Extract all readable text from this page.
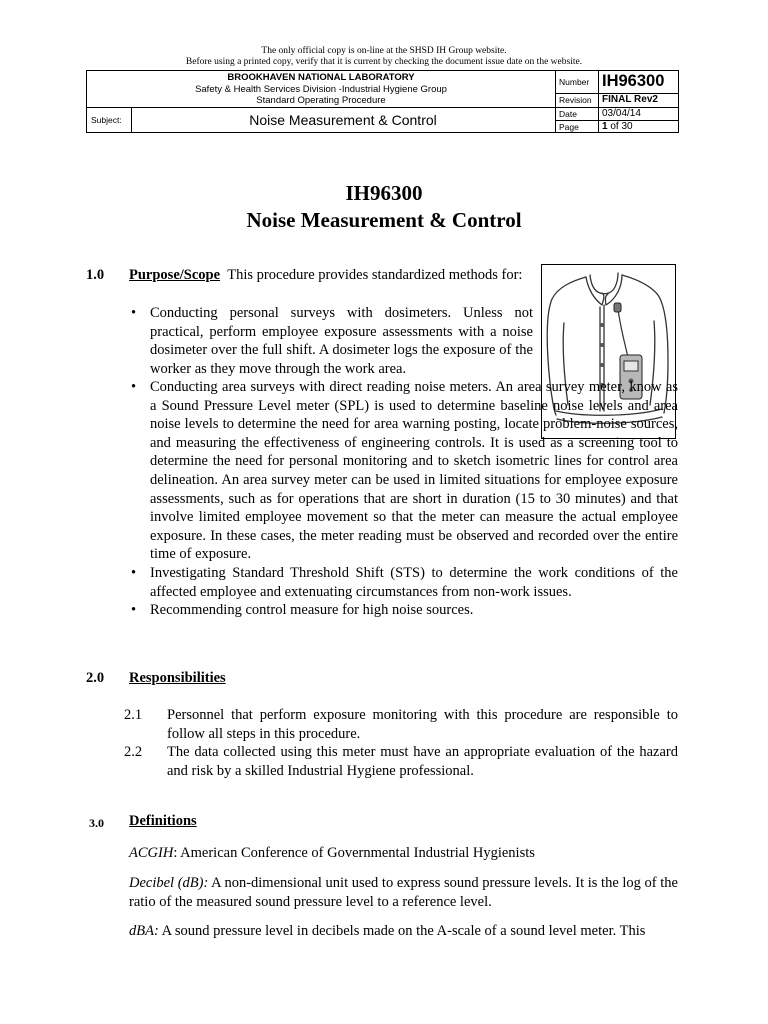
The only official copy is on-line at the SHSD IH Group website.
Before using a printed copy, verify that it is current by checking the document issue date on the website.
BROOKHAVEN NATIONAL LABORATORY
Safety & Health Services Division -Industrial Hygiene Group
Standard Operating Procedure
Subject:	Noise Measurement & Control
Number IH96300
Revision	FINAL Rev2
Date	03/04/14
Page	1 of 30
IH96300
Noise Measurement & Control
1.0 Purpose/Scope This procedure provides standardized methods for:
• Conducting personal surveys with dosimeters. Unless not practical, perform employee exposure assessments with a noise dosimeter over the full shift. A dosimeter logs the exposure of the worker as they move through the work area.
• Conducting area surveys with direct reading noise meters. An area survey meter, know as a Sound Pressure Level meter (SPL) is used to determine baseline noise levels and area noise levels to determine the need for area warning posting, locate problem-noise sources, and measuring the effectiveness of engineering controls. It is used as a screening tool to determine the need for personal monitoring and to sketch isometric lines for control area delineation. An area survey meter can be used in limited situations for employee exposure assessments, such as for operations that are short in duration (15 to 30 minutes) and that involve limited employee movement so that the meter can measure the actual employee exposure. In these cases, the meter reading must be observed and recorded over the entire time of exposure.
• Investigating Standard Threshold Shift (STS) to determine the work conditions of the affected employee and extenuating circumstances from non-work issues.
• Recommending control measure for high noise sources.
2.0 Responsibilities
2.1 Personnel that perform exposure monitoring with this procedure are responsible to follow all steps in this procedure.
2.2 The data collected using this meter must have an appropriate evaluation of the hazard and risk by a skilled Industrial Hygiene professional.
3.0 Definitions
ACGIH: American Conference of Governmental Industrial Hygienists
Decibel (dB): A non-dimensional unit used to express sound pressure levels. It is the log of the ratio of the measured sound pressure level to a reference level.
dBA: A sound pressure level in decibels made on the A-scale of a sound level meter. This
